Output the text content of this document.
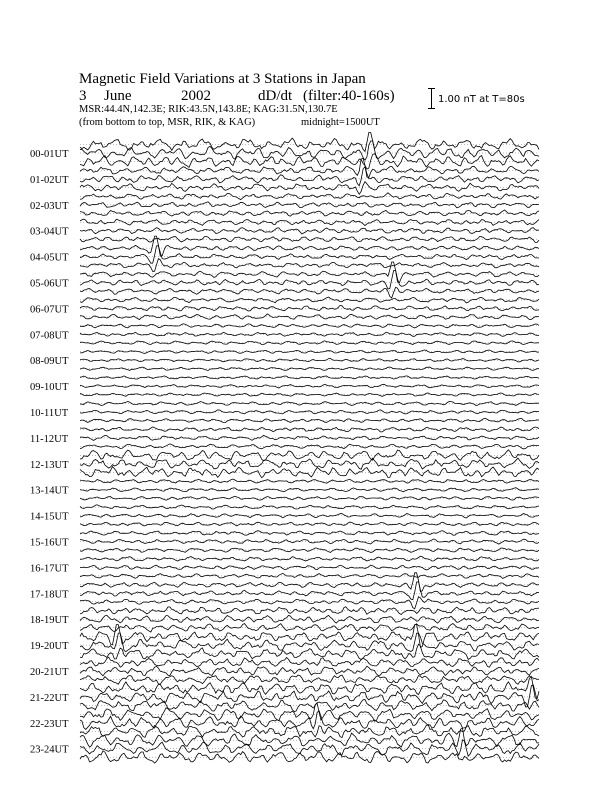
Magnetic Field Variations at 3 Stations in Japan
3 June	2002	dD/dt (filter:40-160s)
MSR:44.4N,142.3E; RIK:43.5N,143.8E; KAG:31.5N,130.7E
(from bottom to top, MSR, RIK, & KAG)	midnight=1500UT
1.00 nT at T=80s
00-01UT
01-02UT
02-03UT
03-04UT
04-05UT
05-06UT
06-07UT
07-08UT
08-09UT
09-10UT
10-11UT
11-12UT
12-13UT
13-14UT
14-15UT
15-16UT
16-17UT
17-18UT
18-19UT
19-20UT
20-21UT
21-22UT
22-23UT
23-24UT
